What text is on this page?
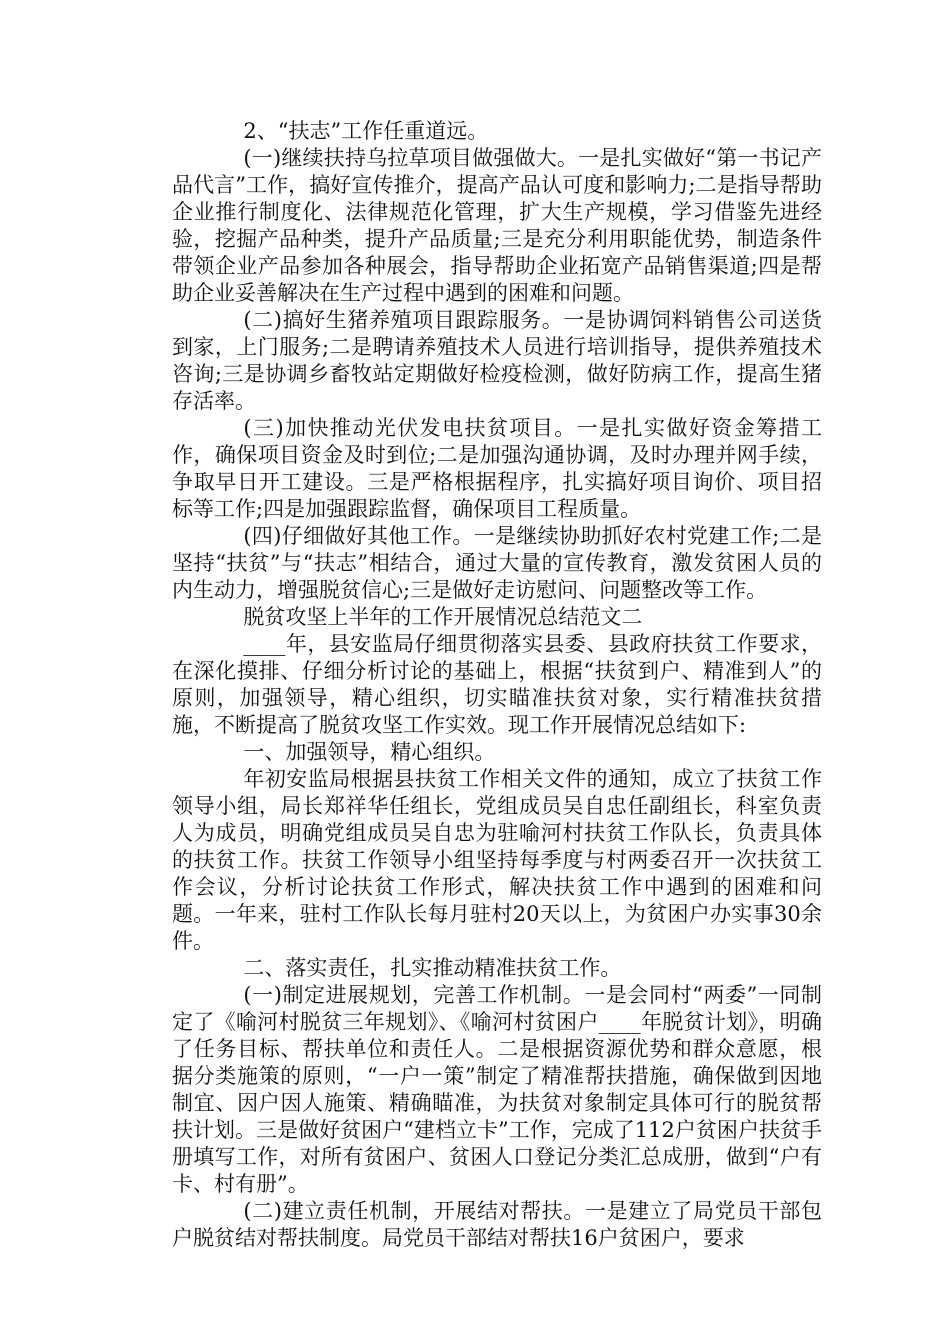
2、“扶志”工作任重道远。

(一)继续扶持乌拉草项目做强做大。一是扎实做好“第一书记产品代言”工作，搞好宣传推介，提高产品认可度和影响力;二是指导帮助企业推行制度化、法律规范化管理，扩大生产规模，学习借鉴先进经验，挖掘产品种类，提升产品质量;三是充分利用职能优势，制造条件带领企业产品参加各种展会，指导帮助企业拓宽产品销售渠道;四是帮助企业妥善解决在生产过程中遇到的困难和问题。

(二)搞好生猪养殖项目跟踪服务。一是协调饲料销售公司送货到家，上门服务;二是聘请养殖技术人员进行培训指导，提供养殖技术咨询;三是协调乡畜牧站定期做好检疫检测，做好防病工作，提高生猪存活率。

(三)加快推动光伏发电扶贫项目。一是扎实做好资金筹措工作，确保项目资金及时到位;二是加强沟通协调，及时办理并网手续，争取早日开工建设。三是严格根据程序，扎实搞好项目询价、项目招标等工作;四是加强跟踪监督，确保项目工程质量。

(四)仔细做好其他工作。一是继续协助抓好农村党建工作;二是坚持“扶贫”与“扶志”相结合，通过大量的宣传教育，激发贫困人员的内生动力，增强脱贫信心;三是做好走访慰问、问题整改等工作。

脱贫攻坚上半年的工作开展情况总结范文二

____年，县安监局仔细贯彻落实县委、县政府扶贫工作要求，在深化摸排、仔细分析讨论的基础上，根据“扶贫到户、精准到人”的原则，加强领导，精心组织，切实瞄准扶贫对象，实行精准扶贫措施，不断提高了脱贫攻坚工作实效。现工作开展情况总结如下:

一、加强领导，精心组织。

年初安监局根据县扶贫工作相关文件的通知，成立了扶贫工作领导小组，局长郑祥华任组长，党组成员吴自忠任副组长，科室负责人为成员，明确党组成员吴自忠为驻喻河村扶贫工作队长，负责具体的扶贫工作。扶贫工作领导小组坚持每季度与村两委召开一次扶贫工作会议，分析讨论扶贫工作形式，解决扶贫工作中遇到的困难和问题。一年来，驻村工作队长每月驻村20天以上，为贫困户办实事30余件。

二、落实责任，扎实推动精准扶贫工作。

(一)制定进展规划，完善工作机制。一是会同村“两委”一同制定了《喻河村脱贫三年规划》、《喻河村贫困户____年脱贫计划》，明确了任务目标、帮扶单位和责任人。二是根据资源优势和群众意愿，根据分类施策的原则，“一户一策”制定了精准帮扶措施，确保做到因地制宜、因户因人施策、精确瞄准，为扶贫对象制定具体可行的脱贫帮扶计划。三是做好贫困户“建档立卡”工作，完成了112户贫困户扶贫手册填写工作，对所有贫困户、贫困人口登记分类汇总成册，做到“户有卡、村有册”。

(二)建立责任机制，开展结对帮扶。一是建立了局党员干部包户脱贫结对帮扶制度。局党员干部结对帮扶16户贫困户，要求
